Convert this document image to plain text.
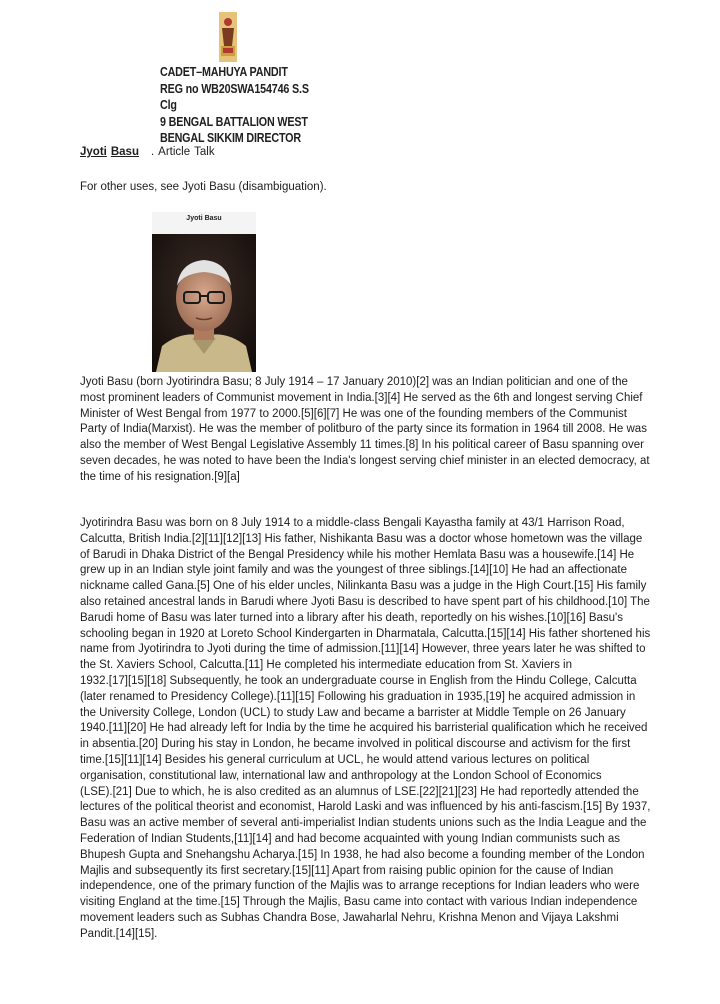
CADET–MAHUYA PANDIT
REG no WB20SWA154746 S.S
Clg
9 BENGAL BATTALION WEST
BENGAL SIKKIM DIRECTOR
Jyoti Basu . Article Talk
For other uses, see Jyoti Basu (disambiguation).
Jyoti Basu
Jyoti Basu (born Jyotirindra Basu; 8 July 1914 – 17 January 2010)[2] was an Indian politician and one of the
most prominent leaders of Communist movement in India.[3][4] He served as the 6th and longest serving Chief
Minister of West Bengal from 1977 to 2000.[5][6][7] He was one of the founding members of the Communist
Party of India(Marxist). He was the member of politburo of the party since its formation in 1964 till 2008. He was
also the member of West Bengal Legislative Assembly 11 times.[8] In his political career of Basu spanning over
seven decades, he was noted to have been the India's longest serving chief minister in an elected democracy, at
the time of his resignation.[9][a]
Jyotirindra Basu was born on 8 July 1914 to a middle-class Bengali Kayastha family at 43/1 Harrison Road,
Calcutta, British India.[2][11][12][13] His father, Nishikanta Basu was a doctor whose hometown was the village
of Barudi in Dhaka District of the Bengal Presidency while his mother Hemlata Basu was a housewife.[14] He
grew up in an Indian style joint family and was the youngest of three siblings.[14][10] He had an affectionate
nickname called Gana.[5] One of his elder uncles, Nilinkanta Basu was a judge in the High Court.[15] His family
also retained ancestral lands in Barudi where Jyoti Basu is described to have spent part of his childhood.[10] The
Barudi home of Basu was later turned into a library after his death, reportedly on his wishes.[10][16] Basu's
schooling began in 1920 at Loreto School Kindergarten in Dharmatala, Calcutta.[15][14] His father shortened his
name from Jyotirindra to Jyoti during the time of admission.[11][14] However, three years later he was shifted to
the St. Xaviers School, Calcutta.[11] He completed his intermediate education from St. Xaviers in
1932.[17][15][18] Subsequently, he took an undergraduate course in English from the Hindu College, Calcutta
(later renamed to Presidency College).[11][15] Following his graduation in 1935,[19] he acquired admission in
the University College, London (UCL) to study Law and became a barrister at Middle Temple on 26 January
1940.[11][20] He had already left for India by the time he acquired his barristerial qualification which he received
in absentia.[20] During his stay in London, he became involved in political discourse and activism for the first
time.[15][11][14] Besides his general curriculum at UCL, he would attend various lectures on political
organisation, constitutional law, international law and anthropology at the London School of Economics
(LSE).[21] Due to which, he is also credited as an alumnus of LSE.[22][21][23] He had reportedly attended the
lectures of the political theorist and economist, Harold Laski and was influenced by his anti-fascism.[15] By 1937,
Basu was an active member of several anti-imperialist Indian students unions such as the India League and the
Federation of Indian Students,[11][14] and had become acquainted with young Indian communists such as
Bhupesh Gupta and Snehangshu Acharya.[15] In 1938, he had also become a founding member of the London
Majlis and subsequently its first secretary.[15][11] Apart from raising public opinion for the cause of Indian
independence, one of the primary function of the Majlis was to arrange receptions for Indian leaders who were
visiting England at the time.[15] Through the Majlis, Basu came into contact with various Indian independence
movement leaders such as Subhas Chandra Bose, Jawaharlal Nehru, Krishna Menon and Vijaya Lakshmi
Pandit.[14][15].
